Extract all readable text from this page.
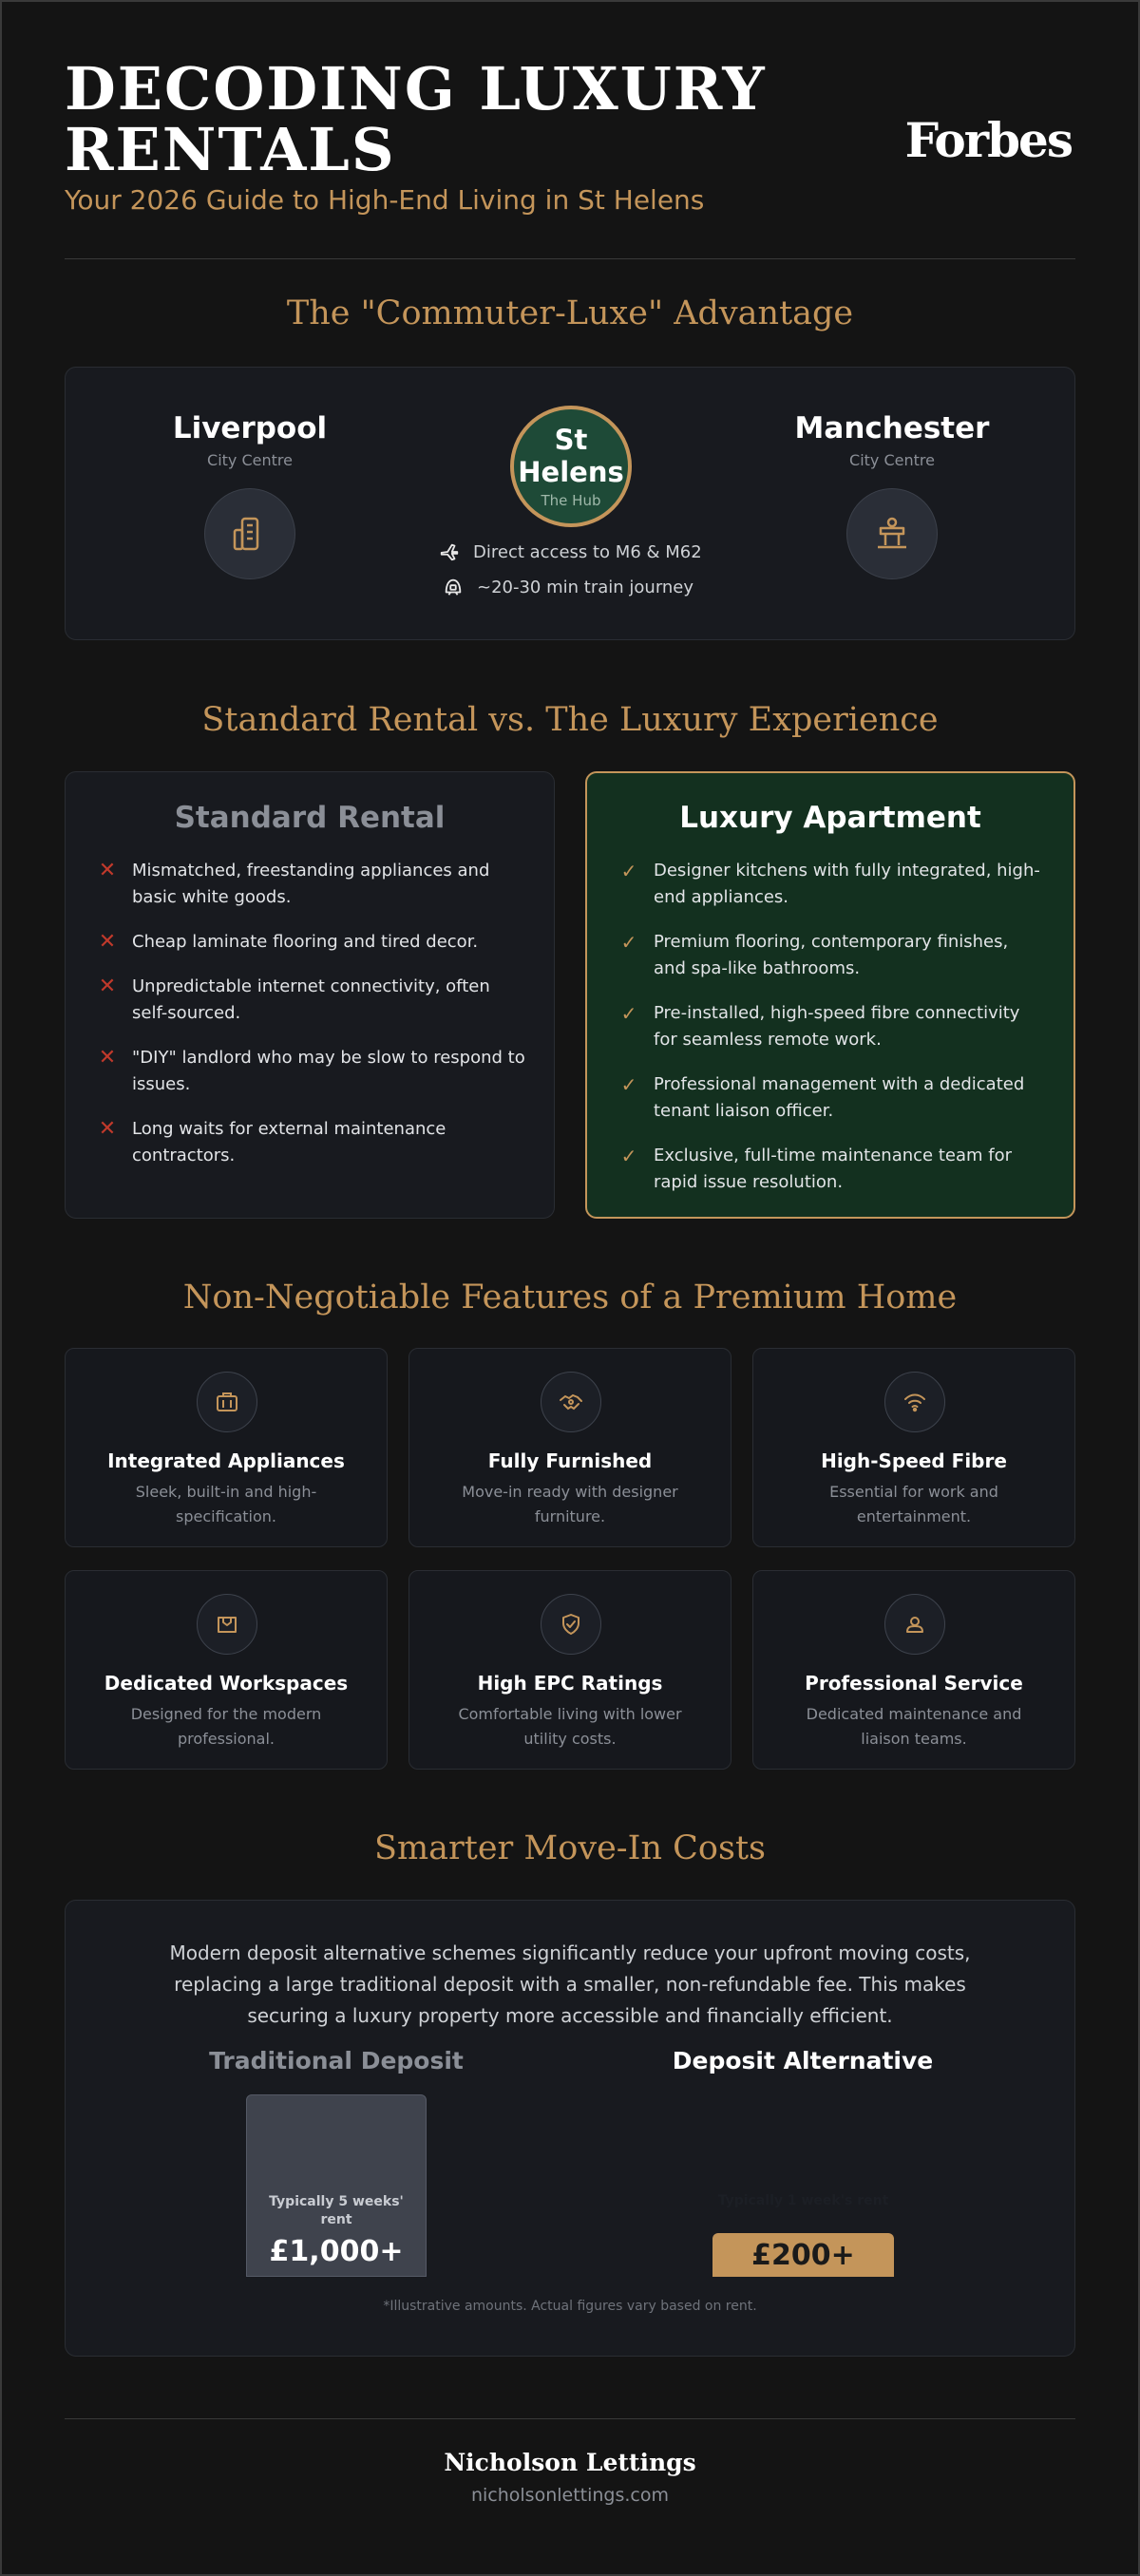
DECODING LUXURY RENTALS
Your 2026 Guide to High-End Living in St Helens
Forbes
The "Commuter-Luxe" Advantage
Liverpool
City Centre
Manchester
City Centre
St Helens
The Hub
Direct access to M6 & M62
~20-30 min train journey
Standard Rental vs. The Luxury Experience
Standard Rental
✕ Mismatched, freestanding appliances and basic white goods.
✕ Cheap laminate flooring and tired decor.
✕ Unpredictable internet connectivity, often self-sourced.
✕ "DIY" landlord who may be slow to respond to issues.
✕ Long waits for external maintenance contractors.
Luxury Apartment
✓ Designer kitchens with fully integrated, high-end appliances.
✓ Premium flooring, contemporary finishes, and spa-like bathrooms.
✓ Pre-installed, high-speed fibre connectivity for seamless remote work.
✓ Professional management with a dedicated tenant liaison officer.
✓ Exclusive, full-time maintenance team for rapid issue resolution.
Non-Negotiable Features of a Premium Home
Integrated Appliances
Sleek, built-in and high-specification.
Fully Furnished
Move-in ready with designer furniture.
High-Speed Fibre
Essential for work and entertainment.
Dedicated Workspaces
Designed for the modern professional.
High EPC Ratings
Comfortable living with lower utility costs.
Professional Service
Dedicated maintenance and liaison teams.
Smarter Move-In Costs
Modern deposit alternative schemes significantly reduce your upfront moving costs, replacing a large traditional deposit with a smaller, non-refundable fee. This makes securing a luxury property more accessible and financially efficient.
Traditional Deposit	Deposit Alternative
Typically 5 weeks' rent
£1,000+
Typically 1 week's rent
£200+
*Illustrative amounts. Actual figures vary based on rent.
Nicholson Lettings
nicholsonlettings.com
